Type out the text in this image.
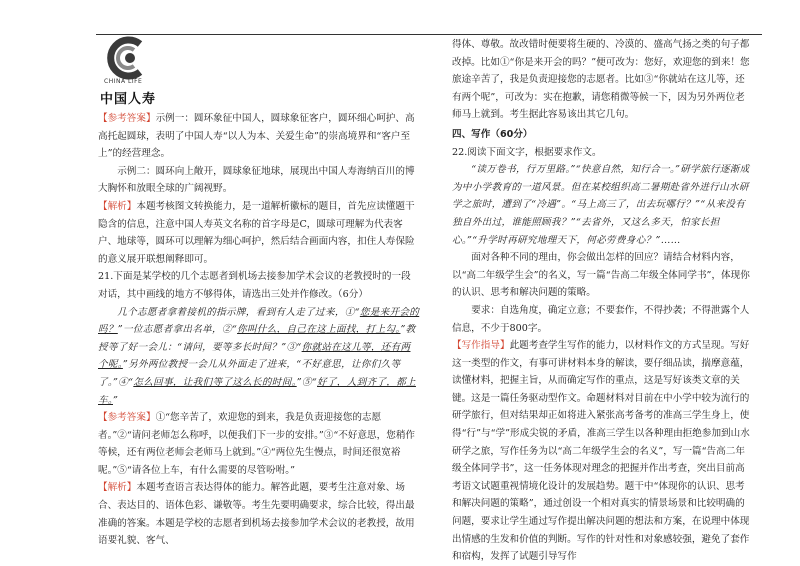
CHINA LIFE
中国人寿

【参考答案】示例一：圆环象征中国人，圆球象征客户，圆环细心呵护、高高托起圆球，表明了中国人寿“以人为本、关爱生命”的崇高境界和“客户至上”的经营理念。

示例二：圆环向上敞开，圆球象征地球，展现出中国人寿海纳百川的博大胸怀和放眼全球的广阔视野。

【解析】本题考核图文转换能力，是一道解析徽标的题目，首先应读懂题干隐含的信息，注意中国人寿英文名称的首字母是C，圆球可理解为代表客户、地球等，圆环可以理解为细心呵护，然后结合画面内容，扣住人寿保险的意义展开联想阐释即可。

21.下面是某学校的几个志愿者到机场去接参加学术会议的老教授时的一段对话，其中画线的地方不够得体，请选出三处并作修改。（6分）

几个志愿者拿着接机的指示牌，看到有人走了过来，①“您是来开会的吗？”一位志愿者拿出名单，②“你叫什么，自己在这上面找，打上勾。”教授等了好一会儿：“请问，要等多长时间？”③“你就站在这儿等，还有两个呢。”另外两位教授一会儿从外面走了进来，“不好意思，让你们久等了。”④“怎么回事，让我们等了这么长的时间。”⑤“好了，人到齐了，都上车。”

【参考答案】①“您辛苦了，欢迎您的到来，我是负责迎接您的志愿者。”②“请问老师怎么称呼，以便我们下一步的安排。”③“不好意思，您稍作等候，还有两位老师会老师马上就到。”④“两位先生慢点，时间还很宽裕呢。”⑤“请各位上车，有什么需要的尽管吩咐。”

【解析】本题考查语言表达得体的能力。解答此题，要考生注意对象、场合、表达目的、语体色彩、谦敬等。考生先要明确要求，综合比较，得出最准确的答案。本题是学校的志愿者到机场去接参加学术会议的老教授，故用语要礼貌、客气、

得体、尊敬。故改错时便要将生硬的、冷漠的、盛高气扬之类的句子都改掉。比如①“你是来开会的吗？”便可改为：您好，欢迎您的到来！您旅途辛苦了，我是负责迎接您的志愿者。比如③“你就站在这儿等，还有两个呢”，可改为：实在抱歉，请您稍微等候一下，因为另外两位老师马上就到。考生据此容易该出其它几句。

四、写作（60分）

22.阅读下面文字，根据要求作文。

“读万卷书，行万里路。”“快意自然，知行合一。”研学旅行逐渐成为中小学教育的一道风景。但在某校组织高二暑期赴省外进行山水研学之旅时，遭到了“冷遇”。“马上高三了，出去玩哪行？”“从来没有独自外出过，谁能照顾我？”“去省外，又这么多天，怕家长担心。”“升学时再研究地理天下，何必劳费身心？”……

面对各种不同的理由，你会做出怎样的回应？请结合材料内容，以“高二年级学生会”的名义，写一篇“告高二年级全体同学书”，体现你的认识、思考和解决问题的策略。

要求：自选角度，确定立意；不要套作，不得抄袭；不得泄露个人信息，不少于800字。

【写作指导】此题考查学生写作的能力，以材料作文的方式呈现。写好这一类型的作文，有事可讲材料本身的解读，要仔细品读，揣摩意蕴，读懂材料，把握主旨，从而确定写作的重点，这是写好该类文章的关键。这是一篇任务驱动型作文。命题材料对目前在中小学中较为流行的研学旅行，但对结果却正如将进入紧张高考备考的准高三学生身上，使得“行”与“学”形成尖锐的矛盾，准高三学生以各种理由拒绝参加到山水研学之旅，写作任务为以“高二年级学生会的名义”，写一篇“告高二年级全体同学书”，这一任务体现对理念的把握并作出考查，突出目前高考语文试题重视情境化设计的发展趋势。题干中“体现你的认识、思考和解决问题的策略”，通过创设一个相对真实的情景场景和比较明确的问题，要求让学生通过写作提出解决问题的想法和方案，在说理中体现出情感的生发和价值的判断。写作的针对性和对象感较强，避免了套作和宿构，发挥了试题引导写作
